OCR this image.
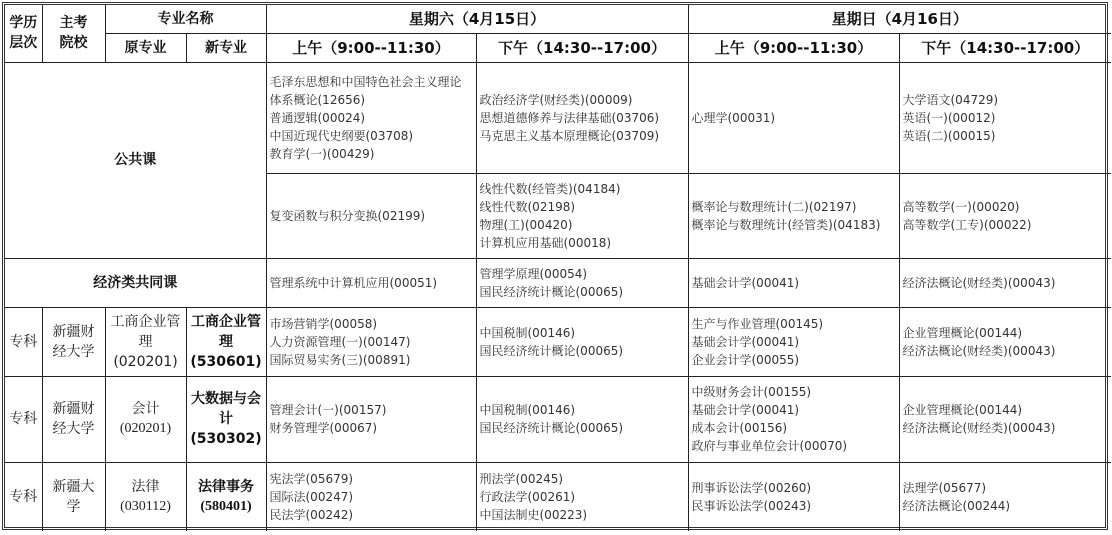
学历层次	主考院校	专业名称		星期六（4月15日）		星期日（4月16日）	
		原专业	新专业	上午（9:00--11:30）	下午（14:30--17:00）	上午（9:00--11:30）	下午（14:30--17:00）
公共课				毛泽东思想和中国特色社会主义理论体系概论(12656)
普通逻辑(00024)
中国近现代史纲要(03708)
教育学(一)(00429)	政治经济学(财经类)(00009)
思想道德修养与法律基础(03706)
马克思主义基本原理概论(03709)	心理学(00031)	大学语文(04729)
英语(一)(00012)
英语(二)(00015)

				复变函数与积分变换(02199)	线性代数(经管类)(04184)
线性代数(02198)
物理(工)(00420)
计算机应用基础(00018)	概率论与数理统计(二)(02197)
概率论与数理统计(经管类)(04183)	高等数学(一)(00020)
高等数学(工专)(00022)

经济类共同课				管理系统中计算机应用(00051)	管理学原理(00054)
国民经济统计概论(00065)	基础会计学(00041)	经济法概论(财经类)(00043)

专科	新疆财经大学	工商企业管理(020201)	工商企业管理(530601)	市场营销学(00058)
人力资源管理(一)(00147)
国际贸易实务(三)(00891)	中国税制(00146)
国民经济统计概论(00065)	生产与作业管理(00145)
基础会计学(00041)
企业会计学(00055)	企业管理概论(00144)
经济法概论(财经类)(00043)

专科	新疆财经大学	会计
(020201)	大数据与会计(530302)	管理会计(一)(00157)
财务管理学(00067)	中国税制(00146)
国民经济统计概论(00065)	中级财务会计(00155)
基础会计学(00041)
成本会计(00156)
政府与事业单位会计(00070)	企业管理概论(00144)
经济法概论(财经类)(00043)

专科	新疆大学	法律
(030112)	法律事务
(580401)	宪法学(05679)
国际法(00247)
民法学(00242)	刑法学(00245)
行政法学(00261)
中国法制史(00223)	刑事诉讼法学(00260)
民事诉讼法学(00243)	法理学(05677)
经济法概论(00244)
